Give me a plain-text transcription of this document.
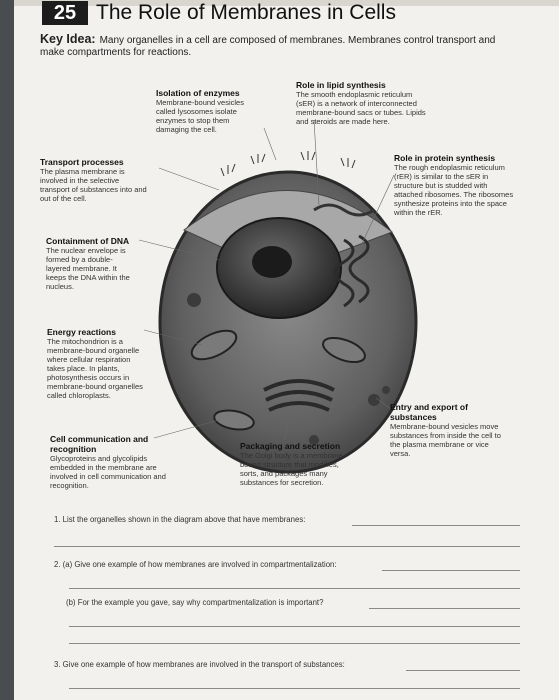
25 The Role of Membranes in Cells
Key Idea: Many organelles in a cell are composed of membranes. Membranes control transport and make compartments for reactions.
Isolation of enzymes
Membrane-bound vesicles called lysosomes isolate enzymes to stop them damaging the cell.
Role in lipid synthesis
The smooth endoplasmic reticulum (sER) is a network of interconnected membrane-bound sacs or tubes. Lipids and steroids are made here.
Transport processes
The plasma membrane is involved in the selective transport of substances into and out of the cell.
Role in protein synthesis
The rough endoplasmic reticulum (rER) is similar to the sER in structure but is studded with attached ribosomes. The ribosomes synthesize proteins into the space within the rER.
Containment of DNA
The nuclear envelope is formed by a double-layered membrane. It keeps the DNA within the nucleus.
Energy reactions
The mitochondrion is a membrane-bound organelle where cellular respiration takes place. In plants, photosynthesis occurs in membrane-bound organelles called chloroplasts.
Entry and export of substances
Membrane-bound vesicles move substances from inside the cell to the plasma membrane or vice versa.
Cell communication and recognition
Glycoproteins and glycolipids embedded in the membrane are involved in cell communication and recognition.
Packaging and secretion
The Golgi body is a membrane-bound structure that modifies, sorts, and packages many substances for secretion.
1. List the organelles shown in the diagram above that have membranes:
2. (a) Give one example of how membranes are involved in compartmentalization:
(b) For the example you gave, say why compartmentalization is important?
3. Give one example of how membranes are involved in the transport of substances:
